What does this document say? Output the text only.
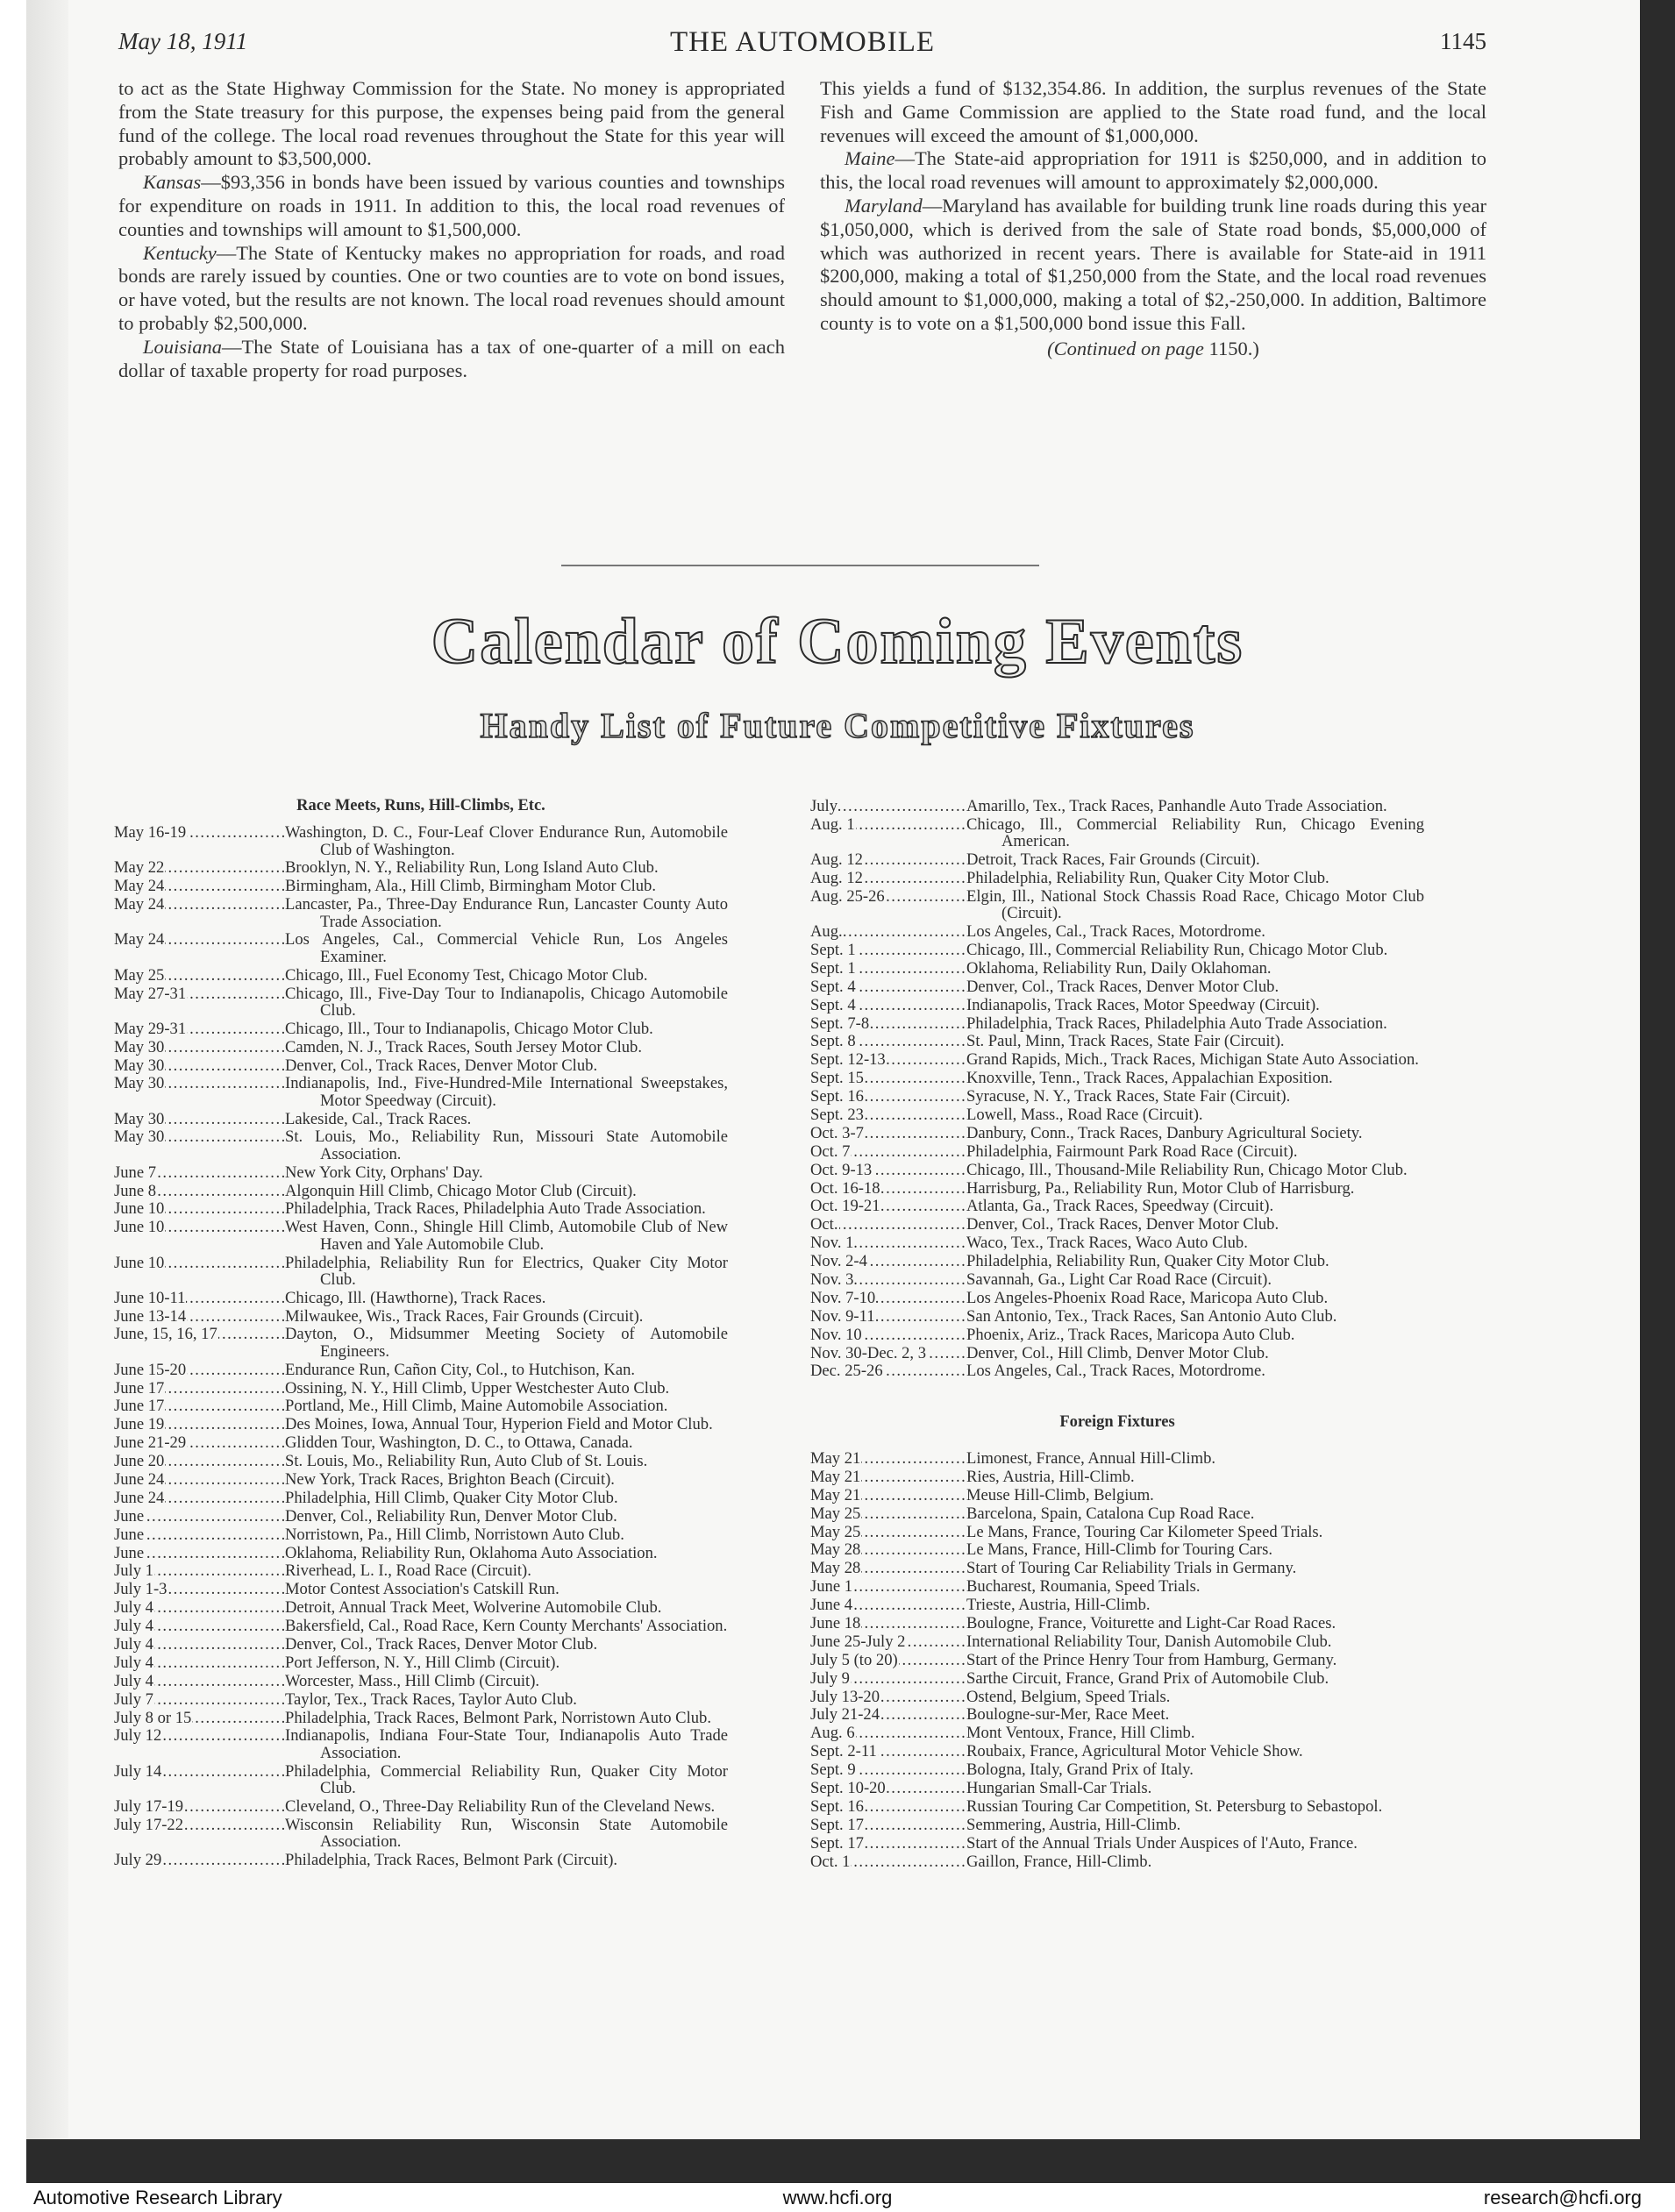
May 18, 1911	THE AUTOMOBILE	1145

to act as the State Highway Commission for the State. No money is appropriated from the State treasury for this purpose, the expenses being paid from the general fund of the college. The local road revenues throughout the State for this year will probably amount to $3,500,000.

Kansas—$93,356 in bonds have been issued by various counties and townships for expenditure on roads in 1911. In addition to this, the local road revenues of counties and townships will amount to $1,500,000.

Kentucky—The State of Kentucky makes no appropriation for roads, and road bonds are rarely issued by counties. One or two counties are to vote on bond issues, or have voted, but the results are not known. The local road revenues should amount to probably $2,500,000.

Louisiana—The State of Louisiana has a tax of one-quarter of a mill on each dollar of taxable property for road purposes.

This yields a fund of $132,354.86. In addition, the surplus revenues of the State Fish and Game Commission are applied to the State road fund, and the local revenues will exceed the amount of $1,000,000.

Maine—The State-aid appropriation for 1911 is $250,000, and in addition to this, the local road revenues will amount to approximately $2,000,000.

Maryland—Maryland has available for building trunk line roads during this year $1,050,000, which is derived from the sale of State road bonds, $5,000,000 of which was authorized in recent years. There is available for State-aid in 1911 $200,000, making a total of $1,250,000 from the State, and the local road revenues should amount to $1,000,000, making a total of $2,-250,000. In addition, Baltimore county is to vote on a $1,500,000 bond issue this Fall.

(Continued on page 1150.)
Calendar of Coming Events
Handy List of Future Competitive Fixtures
Race Meets, Runs, Hill-Climbs, Etc.
May 16-19 .....	Washington, D. C., Four-Leaf Clover Endurance Run, Automobile Club of Washington.
May 22 .....	Brooklyn, N. Y., Reliability Run, Long Island Auto Club.
May 24 .....	Birmingham, Ala., Hill Climb, Birmingham Motor Club.
May 24 .....	Lancaster, Pa., Three-Day Endurance Run, Lancaster County Auto Trade Association.
May 24 .....	Los Angeles, Cal., Commercial Vehicle Run, Los Angeles Examiner.
May 25 .....	Chicago, Ill., Fuel Economy Test, Chicago Motor Club.
May 27-31 .....	Chicago, Ill., Five-Day Tour to Indianapolis, Chicago Automobile Club.
May 29-31 .....	Chicago, Ill., Tour to Indianapolis, Chicago Motor Club.
May 30 .....	Camden, N. J., Track Races, South Jersey Motor Club.
May 30 .....	Denver, Col., Track Races, Denver Motor Club.
May 30 .....	Indianapolis, Ind., Five-Hundred-Mile International Sweepstakes, Motor Speedway (Circuit).
May 30 .....	Lakeside, Cal., Track Races.
May 30 .....	St. Louis, Mo., Reliability Run, Missouri State Automobile Association.
June 7 .....	New York City, Orphans' Day.
June 8 .....	Algonquin Hill Climb, Chicago Motor Club (Circuit).
June 10 .....	Philadelphia, Track Races, Philadelphia Auto Trade Association.
June 10 .....	West Haven, Conn., Shingle Hill Climb, Automobile Club of New Haven and Yale Automobile Club.
June 10 .....	Philadelphia, Reliability Run for Electrics, Quaker City Motor Club.
June 10-11 .....	Chicago, Ill. (Hawthorne), Track Races.
June 13-14 .....	Milwaukee, Wis., Track Races, Fair Grounds (Circuit).
June, 15, 16, 17 .....	Dayton, O., Midsummer Meeting Society of Automobile Engineers.
June 15-20 .....	Endurance Run, Cañon City, Col., to Hutchison, Kan.
June 17 .....	Ossining, N. Y., Hill Climb, Upper Westchester Auto Club.
June 17 .....	Portland, Me., Hill Climb, Maine Automobile Association.
June 19 .....	Des Moines, Iowa, Annual Tour, Hyperion Field and Motor Club.
June 21-29 .....	Glidden Tour, Washington, D. C., to Ottawa, Canada.
June 20 .....	St. Louis, Mo., Reliability Run, Auto Club of St. Louis.
June 24 .....	New York, Track Races, Brighton Beach (Circuit).
June 24 .....	Philadelphia, Hill Climb, Quaker City Motor Club.
June .....	Denver, Col., Reliability Run, Denver Motor Club.
June .....	Norristown, Pa., Hill Climb, Norristown Auto Club.
June .....	Oklahoma, Reliability Run, Oklahoma Auto Association.
July 1 .....	Riverhead, L. I., Road Race (Circuit).
July 1-3 .....	Motor Contest Association's Catskill Run.
July 4 .....	Detroit, Annual Track Meet, Wolverine Automobile Club.
July 4 .....	Bakersfield, Cal., Road Race, Kern County Merchants' Association.
July 4 .....	Denver, Col., Track Races, Denver Motor Club.
July 4 .....	Port Jefferson, N. Y., Hill Climb (Circuit).
July 4 .....	Worcester, Mass., Hill Climb (Circuit).
July 7 .....	Taylor, Tex., Track Races, Taylor Auto Club.
July 8 or 15 .....	Philadelphia, Track Races, Belmont Park, Norristown Auto Club.
July 12 .....	Indianapolis, Indiana Four-State Tour, Indianapolis Auto Trade Association.
July 14 .....	Philadelphia, Commercial Reliability Run, Quaker City Motor Club.
July 17-19 .....	Cleveland, O., Three-Day Reliability Run of the Cleveland News.
July 17-22 .....	Wisconsin Reliability Run, Wisconsin State Automobile Association.
July 29 .....	Philadelphia, Track Races, Belmont Park (Circuit).
July .....	Amarillo, Tex., Track Races, Panhandle Auto Trade Association.
Aug. 1 .....	Chicago, Ill., Commercial Reliability Run, Chicago Evening American.
Aug. 12 .....	Detroit, Track Races, Fair Grounds (Circuit).
Aug. 12 .....	Philadelphia, Reliability Run, Quaker City Motor Club.
Aug. 25-26 .....	Elgin, Ill., National Stock Chassis Road Race, Chicago Motor Club (Circuit).
Aug. .....	Los Angeles, Cal., Track Races, Motordrome.
Sept. 1 .....	Chicago, Ill., Commercial Reliability Run, Chicago Motor Club.
Sept. 1 .....	Oklahoma, Reliability Run, Daily Oklahoman.
Sept. 4 .....	Denver, Col., Track Races, Denver Motor Club.
Sept. 4 .....	Indianapolis, Track Races, Motor Speedway (Circuit).
Sept. 7-8 .....	Philadelphia, Track Races, Philadelphia Auto Trade Association.
Sept. 8 .....	St. Paul, Minn, Track Races, State Fair (Circuit).
Sept. 12-13 .....	Grand Rapids, Mich., Track Races, Michigan State Auto Association.
Sept. 15 .....	Knoxville, Tenn., Track Races, Appalachian Exposition.
Sept. 16 .....	Syracuse, N. Y., Track Races, State Fair (Circuit).
Sept. 23 .....	Lowell, Mass., Road Race (Circuit).
Oct. 3-7 .....	Danbury, Conn., Track Races, Danbury Agricultural Society.
Oct. 7 .....	Philadelphia, Fairmount Park Road Race (Circuit).
Oct. 9-13 .....	Chicago, Ill., Thousand-Mile Reliability Run, Chicago Motor Club.
Oct. 16-18 .....	Harrisburg, Pa., Reliability Run, Motor Club of Harrisburg.
Oct. 19-21 .....	Atlanta, Ga., Track Races, Speedway (Circuit).
Oct. .....	Denver, Col., Track Races, Denver Motor Club.
Nov. 1 .....	Waco, Tex., Track Races, Waco Auto Club.
Nov. 2-4 .....	Philadelphia, Reliability Run, Quaker City Motor Club.
Nov. 3 .....	Savannah, Ga., Light Car Road Race (Circuit).
Nov. 7-10 .....	Los Angeles-Phoenix Road Race, Maricopa Auto Club.
Nov. 9-11 .....	San Antonio, Tex., Track Races, San Antonio Auto Club.
Nov. 10 .....	Phoenix, Ariz., Track Races, Maricopa Auto Club.
Nov. 30-Dec. 2, 3 .....	Denver, Col., Hill Climb, Denver Motor Club.
Dec. 25-26 .....	Los Angeles, Cal., Track Races, Motordrome.
Foreign Fixtures
May 21 .....	Limonest, France, Annual Hill-Climb.
May 21 .....	Ries, Austria, Hill-Climb.
May 21 .....	Meuse Hill-Climb, Belgium.
May 25 .....	Barcelona, Spain, Catalona Cup Road Race.
May 25 .....	Le Mans, France, Touring Car Kilometer Speed Trials.
May 28 .....	Le Mans, France, Hill-Climb for Touring Cars.
May 28 .....	Start of Touring Car Reliability Trials in Germany.
June 1 .....	Bucharest, Roumania, Speed Trials.
June 4 .....	Trieste, Austria, Hill-Climb.
June 18 .....	Boulogne, France, Voiturette and Light-Car Road Races.
June 25-July 2 .....	International Reliability Tour, Danish Automobile Club.
July 5 (to 20) .....	Start of the Prince Henry Tour from Hamburg, Germany.
July 9 .....	Sarthe Circuit, France, Grand Prix of Automobile Club.
July 13-20 .....	Ostend, Belgium, Speed Trials.
July 21-24 .....	Boulogne-sur-Mer, Race Meet.
Aug. 6 .....	Mont Ventoux, France, Hill Climb.
Sept. 2-11 .....	Roubaix, France, Agricultural Motor Vehicle Show.
Sept. 9 .....	Bologna, Italy, Grand Prix of Italy.
Sept. 10-20 .....	Hungarian Small-Car Trials.
Sept. 16 .....	Russian Touring Car Competition, St. Petersburg to Sebastopol.
Sept. 17 .....	Semmering, Austria, Hill-Climb.
Sept. 17 .....	Start of the Annual Trials Under Auspices of l'Auto, France.
Oct. 1 .....	Gaillon, France, Hill-Climb.
Automotive Research Library	www.hcfi.org	research@hcfi.org
